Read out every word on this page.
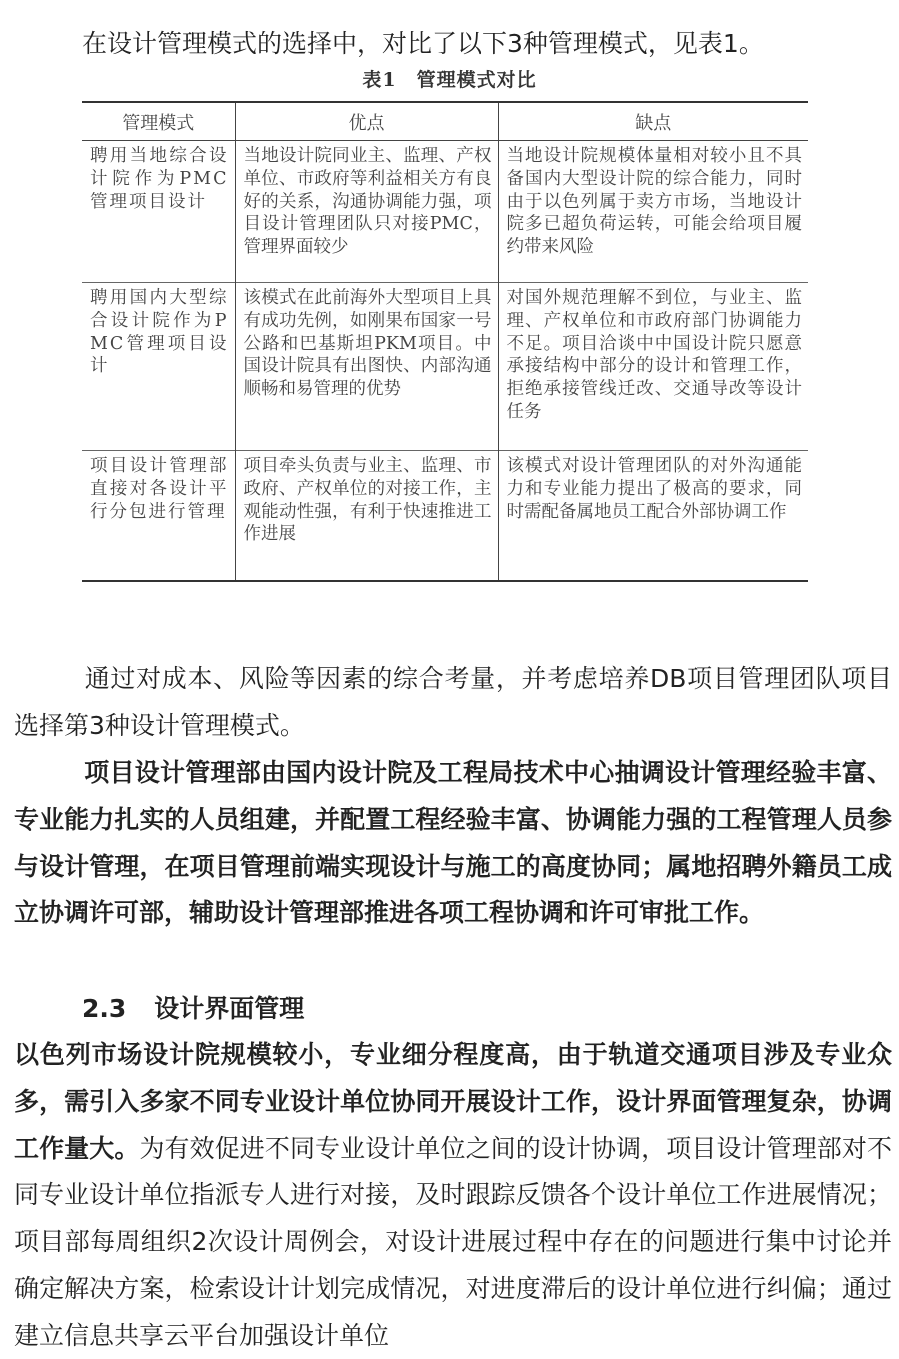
在设计管理模式的选择中，对比了以下3种管理模式，见表1。
表1　管理模式对比
管理模式	优点	缺点
聘用当地综合设计院作为PMC管理项目设计	当地设计院同业主、监理、产权单位、市政府等利益相关方有良好的关系，沟通协调能力强，项目设计管理团队只对接PMC，管理界面较少	当地设计院规模体量相对较小且不具备国内大型设计院的综合能力，同时由于以色列属于卖方市场，当地设计院多已超负荷运转，可能会给项目履约带来风险
聘用国内大型综合设计院作为PMC管理项目设计	该模式在此前海外大型项目上具有成功先例，如刚果布国家一号公路和巴基斯坦PKM项目。中国设计院具有出图快、内部沟通顺畅和易管理的优势	对国外规范理解不到位，与业主、监理、产权单位和市政府部门协调能力不足。项目洽谈中中国设计院只愿意承接结构中部分的设计和管理工作，拒绝承接管线迁改、交通导改等设计任务
项目设计管理部直接对各设计平行分包进行管理	项目牵头负责与业主、监理、市政府、产权单位的对接工作，主观能动性强，有利于快速推进工作进展	该模式对设计管理团队的对外沟通能力和专业能力提出了极高的要求，同时需配备属地员工配合外部协调工作
通过对成本、风险等因素的综合考量，并考虑培养DB项目管理团队项目选择第3种设计管理模式。
项目设计管理部由国内设计院及工程局技术中心抽调设计管理经验丰富、专业能力扎实的人员组建，并配置工程经验丰富、协调能力强的工程管理人员参与设计管理，在项目管理前端实现设计与施工的高度协同；属地招聘外籍员工成立协调许可部，辅助设计管理部推进各项工程协调和许可审批工作。
2.3 设计界面管理
以色列市场设计院规模较小，专业细分程度高，由于轨道交通项目涉及专业众多，需引入多家不同专业设计单位协同开展设计工作，设计界面管理复杂，协调工作量大。为有效促进不同专业设计单位之间的设计协调，项目设计管理部对不同专业设计单位指派专人进行对接，及时跟踪反馈各个设计单位工作进展情况；项目部每周组织2次设计周例会，对设计进展过程中存在的问题进行集中讨论并确定解决方案，检索设计计划完成情况，对进度滞后的设计单位进行纠偏；通过建立信息共享云平台加强设计单位
